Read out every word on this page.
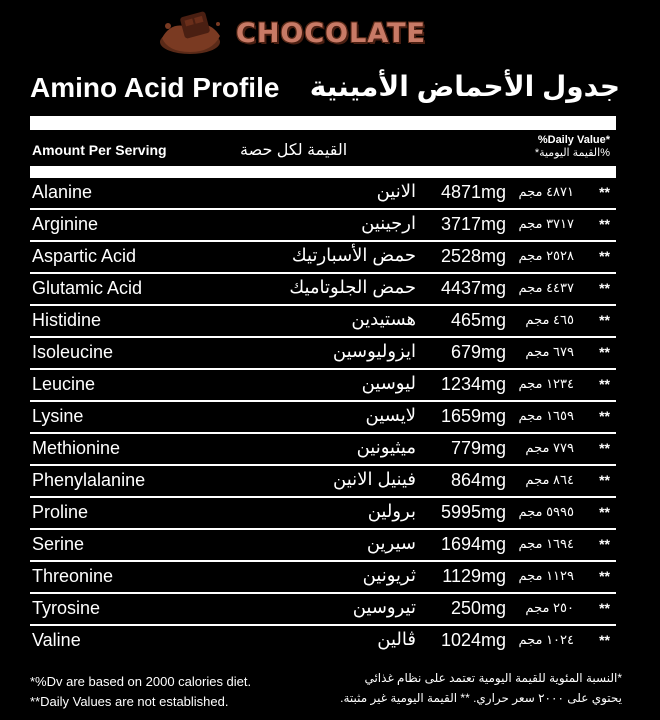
CHOCOLATE
Amino Acid Profile جدول الأحماض الأمينية
Amount Per Serving	القيمة لكل حصة
%Daily Value*
%القيمة اليومية*
Alanine	الانين 4871mg ٤٨٧١ مجم **
Arginine	ارجينين 3717mg ٣٧١٧ مجم **
Aspartic Acid	حمض الأسبارتيك 2528mg ٢٥٢٨ مجم **
Glutamic Acid	حمض الجلوتاميك 4437mg ٤٤٣٧ مجم **
Histidine	هستيدين 465mg ٤٦٥ مجم **
Isoleucine	ايزوليوسين 679mg ٦٧٩ مجم **
Leucine	ليوسين 1234mg ١٢٣٤ مجم **
Lysine	لايسين 1659mg ١٦٥٩ مجم **
Methionine	ميثيونين 779mg ٧٧٩ مجم **
Phenylalanine	فينيل الانين 864mg ٨٦٤ مجم **
Proline	برولين 5995mg ٥٩٩٥ مجم **
Serine	سيرين 1694mg ١٦٩٤ مجم **
Threonine	ثريونين 1129mg ١١٢٩ مجم **
Tyrosine	تيروسين 250mg ٢٥٠ مجم **
Valine	ڤالين 1024mg ١٠٢٤ مجم **
*%Dv are based on 2000 calories diet.
**Daily Values are not established.
*النسبة المئوية للقيمة اليومية تعتمد على نظام غذائي
يحتوي على ٢٠٠٠ سعر حراري. ** القيمة اليومية غير مثبتة.
